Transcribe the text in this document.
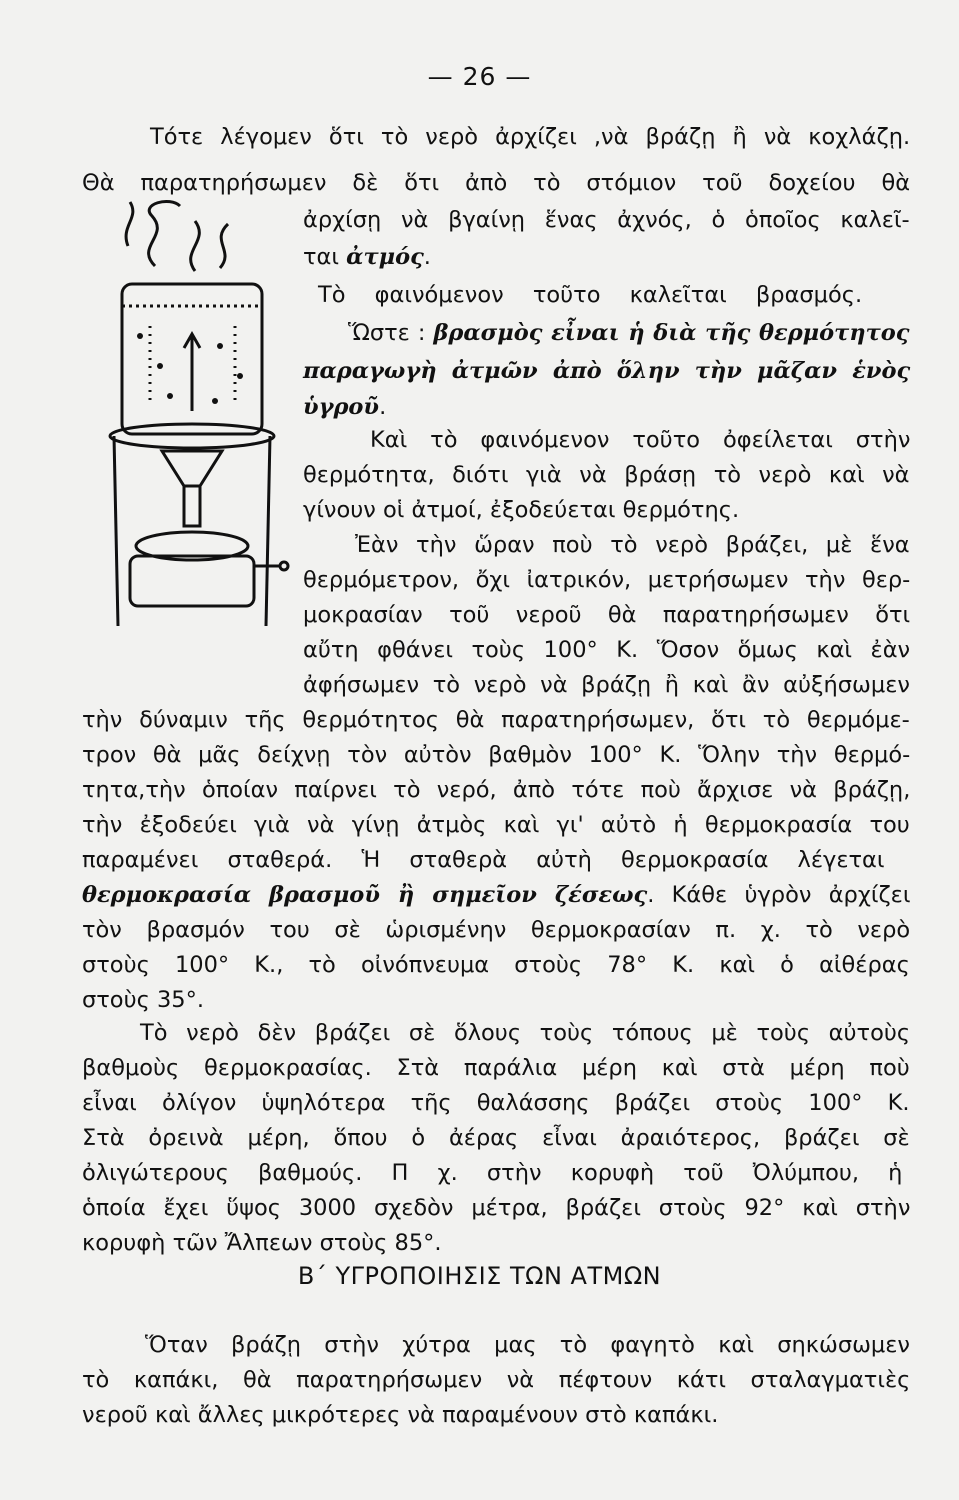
— 26 —
Τότε λέγομεν ὅτι τὸ νερὸ ἀρχίζει ,νὰ βράζῃ ἢ νὰ κοχλάζῃ.
Θὰ παρατηρήσωμεν δὲ ὅτι ἀπὸ τὸ στόμιον τοῦ δοχείου θὰ
ἀρχίσῃ νὰ βγαίνῃ ἕνας ἀχνός, ὁ ὁποῖος καλεῖ-
ται ἀτμός.
Τὸ φαινόμενον τοῦτο καλεῖται βρασμός.
Ὥστε : βρασμὸς εἶναι ἡ διὰ τῆς θερμότητος
παραγωγὴ ἀτμῶν ἀπὸ ὅλην τὴν μᾶζαν ἑνὸς
ὑγροῦ.
Καὶ τὸ φαινόμενον τοῦτο ὀφείλεται στὴν
θερμότητα, διότι γιὰ νὰ βράσῃ τὸ νερὸ καὶ νὰ
γίνουν οἱ ἀτμοί, ἐξοδεύεται θερμότης.
Ἐὰν τὴν ὥραν ποὺ τὸ νερὸ βράζει, μὲ ἕνα
θερμόμετρον, ὄχι ἰατρικόν, μετρήσωμεν τὴν θερ-
μοκρασίαν τοῦ νεροῦ θὰ παρατηρήσωμεν ὅτι
αὔτη φθάνει τοὺς 100° Κ. Ὅσον ὅμως καὶ ἐὰν
ἀφήσωμεν τὸ νερὸ νὰ βράζῃ ἢ καὶ ἂν αὐξήσωμεν
τὴν δύναμιν τῆς θερμότητος θὰ παρατηρήσωμεν, ὅτι τὸ θερμόμε-
τρον θὰ μᾶς δείχνῃ τὸν αὐτὸν βαθμὸν 100° Κ. Ὅλην τὴν θερμό-
τητα,τὴν ὁποίαν παίρνει τὸ νερό, ἀπὸ τότε ποὺ ἄρχισε νὰ βράζῃ,
τὴν ἐξοδεύει γιὰ νὰ γίνῃ ἀτμὸς καὶ γι' αὐτὸ ἡ θερμοκρασία του
παραμένει σταθερά. Ἡ σταθερὰ αὐτὴ θερμοκρασία λέγεται
θερμοκρασία βρασμοῦ ἢ σημεῖον ζέσεως. Κάθε ὑγρὸν ἀρχίζει
τὸν βρασμόν του σὲ ὡρισμένην θερμοκρασίαν π. χ. τὸ νερὸ
στοὺς 100° Κ., τὸ οἰνόπνευμα στοὺς 78° Κ. καὶ ὁ αἰθέρας
στοὺς 35°.
Τὸ νερὸ δὲν βράζει σὲ ὅλους τοὺς τόπους μὲ τοὺς αὐτοὺς
βαθμοὺς θερμοκρασίας. Στὰ παράλια μέρη καὶ στὰ μέρη ποὺ
εἶναι ὀλίγον ὑψηλότερα τῆς θαλάσσης βράζει στοὺς 100° Κ.
Στὰ ὀρεινὰ μέρη, ὅπου ὁ ἀέρας εἶναι ἀραιότερος, βράζει σὲ
ὀλιγώτερους βαθμούς. Π χ. στὴν κορυφὴ τοῦ Ὀλύμπου, ἡ
ὁποία ἔχει ὕψος 3000 σχεδὸν μέτρα, βράζει στοὺς 92° καὶ στὴν
κορυφὴ τῶν Ἄλπεων στοὺς 85°.
Ὅταν βράζῃ στὴν χύτρα μας τὸ φαγητὸ καὶ σηκώσωμεν
τὸ καπάκι, θὰ παρατηρήσωμεν νὰ πέφτουν κάτι σταλαγματιὲς
νεροῦ καὶ ἄλλες μικρότερες νὰ παραμένουν στὸ καπάκι.
Β΄ ΥΓΡΟΠΟΙΗΣΙΣ ΤΩΝ ΑΤΜΩΝ
